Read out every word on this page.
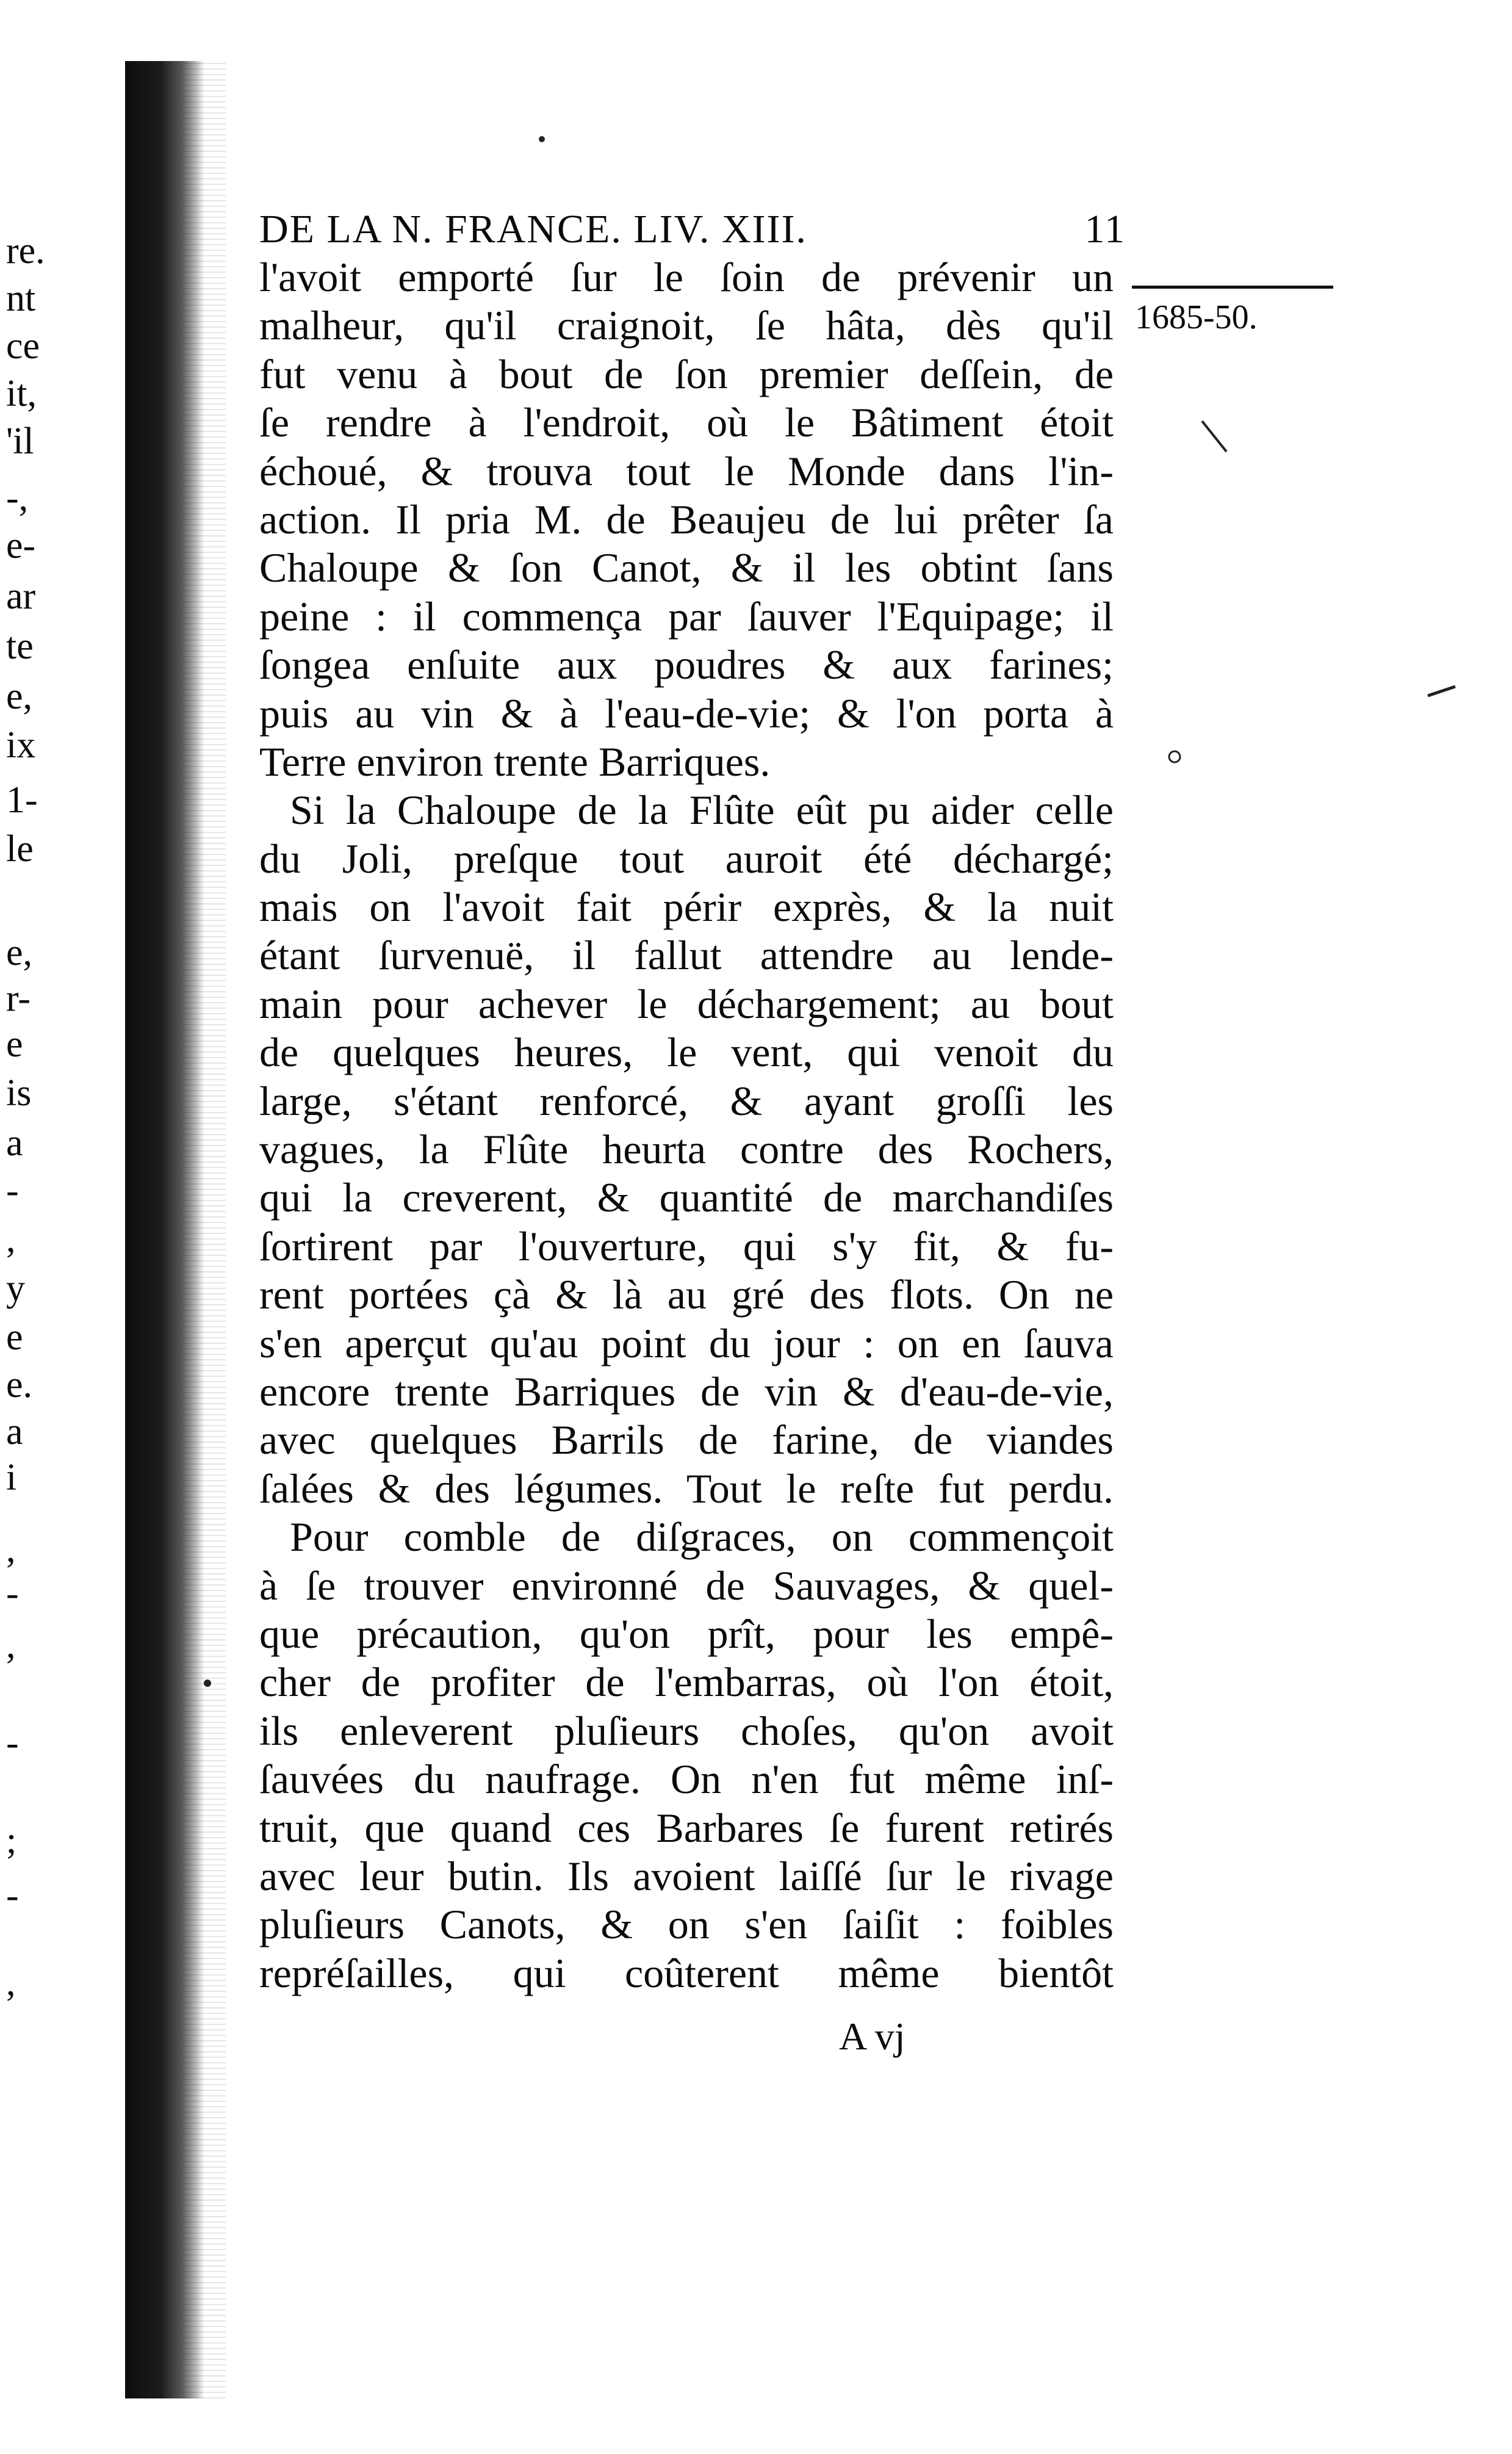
re.
nt
ce
it,
'il
-,
e-
ar
te
e,
ix
1-
le
e,
r-
e
is
a
-
,
y
e
e.
a
i
,
-
,
-
;
-
,
DE LA N. FRANCE. LIV. XIII.	11
1685-50.
l'avoit emporté ſur le ſoin de prévenir un
malheur, qu'il craignoit, ſe hâta, dès qu'il
fut venu à bout de ſon premier deſſein, de
ſe rendre à l'endroit, où le Bâtiment étoit
échoué, & trouva tout le Monde dans l'in-
action. Il pria M. de Beaujeu de lui prêter ſa
Chaloupe & ſon Canot, & il les obtint ſans
peine : il commença par ſauver l'Equipage; il
ſongea enſuite aux poudres & aux farines;
puis au vin & à l'eau-de-vie; & l'on porta à
Terre environ trente Barriques.
Si la Chaloupe de la Flûte eût pu aider celle
du Joli, preſque tout auroit été déchargé;
mais on l'avoit fait périr exprès, & la nuit
étant ſurvenuë, il fallut attendre au lende-
main pour achever le déchargement; au bout
de quelques heures, le vent, qui venoit du
large, s'étant renforcé, & ayant groſſi les
vagues, la Flûte heurta contre des Rochers,
qui la creverent, & quantité de marchandiſes
ſortirent par l'ouverture, qui s'y fit, & fu-
rent portées çà & là au gré des flots. On ne
s'en aperçut qu'au point du jour : on en ſauva
encore trente Barriques de vin & d'eau-de-vie,
avec quelques Barrils de farine, de viandes
ſalées & des légumes. Tout le reſte fut perdu.
Pour comble de diſgraces, on commençoit
à ſe trouver environné de Sauvages, & quel-
que précaution, qu'on prît, pour les empê-
cher de profiter de l'embarras, où l'on étoit,
ils enleverent pluſieurs choſes, qu'on avoit
ſauvées du naufrage. On n'en fut même inſ-
truit, que quand ces Barbares ſe furent retirés
avec leur butin. Ils avoient laiſſé ſur le rivage
pluſieurs Canots, & on s'en ſaiſit : foibles
repréſailles, qui coûterent même bientôt
A vj
